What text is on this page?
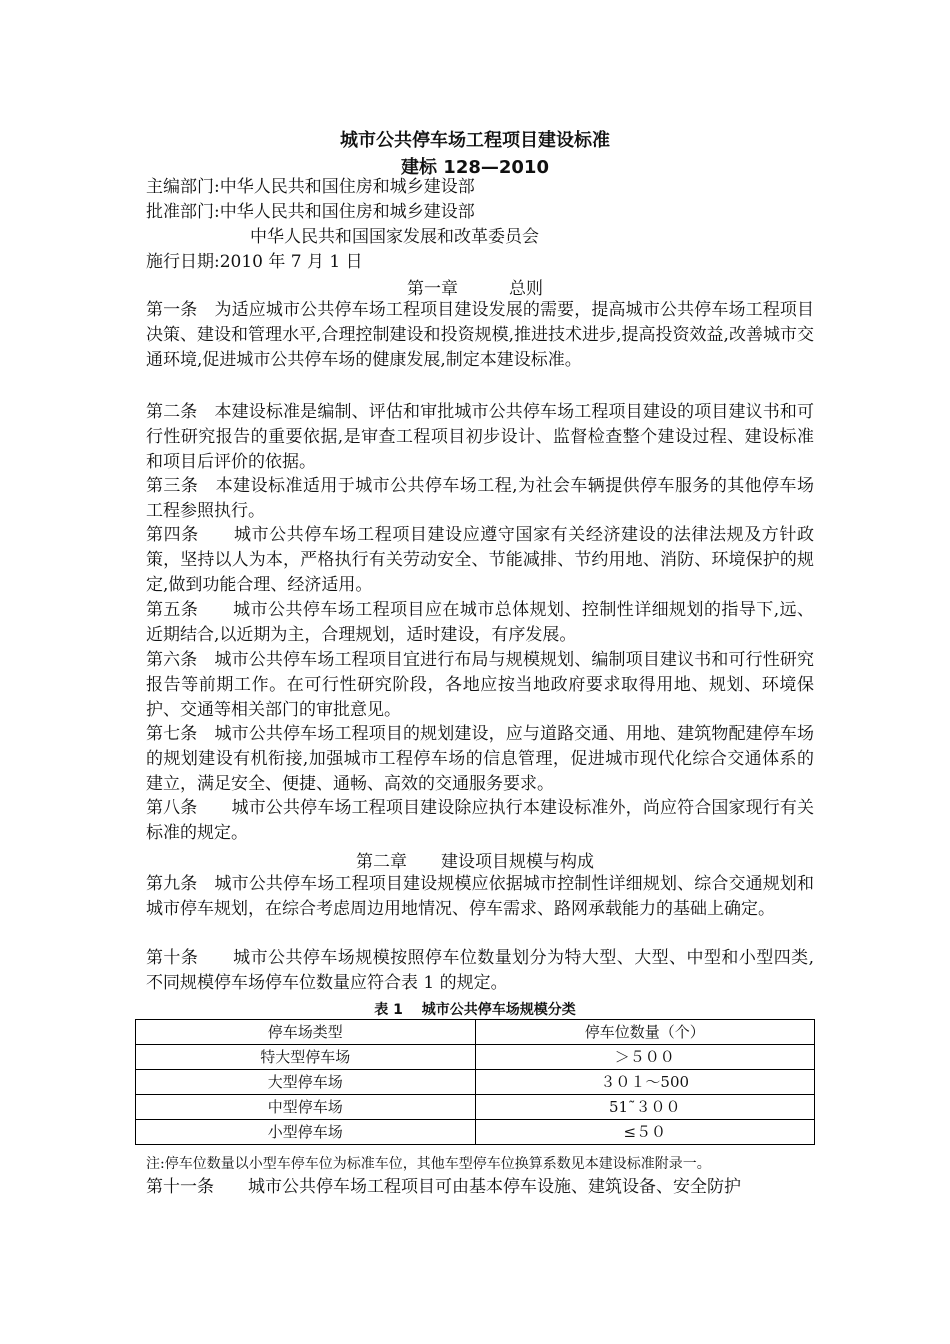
城市公共停车场工程项目建设标准
建标 128—2010
主编部门:中华人民共和国住房和城乡建设部
批准部门:中华人民共和国住房和城乡建设部
中华人民共和国国家发展和改革委员会
施行日期:2010 年 7 月 1 日
第一章　　　总则
第一条　为适应城市公共停车场工程项目建设发展的需要，提高城市公共停车场工程项目决策、建设和管理水平,合理控制建设和投资规模,推进技术进步,提高投资效益,改善城市交通环境,促进城市公共停车场的健康发展,制定本建设标准。
第二条　本建设标准是编制、评估和审批城市公共停车场工程项目建设的项目建议书和可行性研究报告的重要依据,是审查工程项目初步设计、监督检查整个建设过程、建设标准和项目后评价的依据。
第三条　本建设标准适用于城市公共停车场工程,为社会车辆提供停车服务的其他停车场工程参照执行。
第四条　　城市公共停车场工程项目建设应遵守国家有关经济建设的法律法规及方针政策，坚持以人为本，严格执行有关劳动安全、节能减排、节约用地、消防、环境保护的规定,做到功能合理、经济适用。
第五条　　城市公共停车场工程项目应在城市总体规划、控制性详细规划的指导下,远、近期结合,以近期为主，合理规划，适时建设，有序发展。
第六条　城市公共停车场工程项目宜进行布局与规模规划、编制项目建议书和可行性研究报告等前期工作。在可行性研究阶段，各地应按当地政府要求取得用地、规划、环境保护、交通等相关部门的审批意见。
第七条　城市公共停车场工程项目的规划建设，应与道路交通、用地、建筑物配建停车场的规划建设有机衔接,加强城市工程停车场的信息管理，促进城市现代化综合交通体系的建立，满足安全、便捷、通畅、高效的交通服务要求。
第八条　　城市公共停车场工程项目建设除应执行本建设标准外，尚应符合国家现行有关标准的规定。
第二章　　建设项目规模与构成
第九条　城市公共停车场工程项目建设规模应依据城市控制性详细规划、综合交通规划和城市停车规划，在综合考虑周边用地情况、停车需求、路网承载能力的基础上确定。
第十条　　城市公共停车场规模按照停车位数量划分为特大型、大型、中型和小型四类,不同规模停车场停车位数量应符合表 1 的规定。
表 1　 城市公共停车场规模分类
停车场类型	停车位数量（个）
特大型停车场	＞５００
大型停车场	３０１～500
中型停车场	51˜３００
小型停车场	≤５０
注:停车位数量以小型车停车位为标准车位，其他车型停车位换算系数见本建设标准附录一。
第十一条　　城市公共停车场工程项目可由基本停车设施、建筑设备、安全防护
